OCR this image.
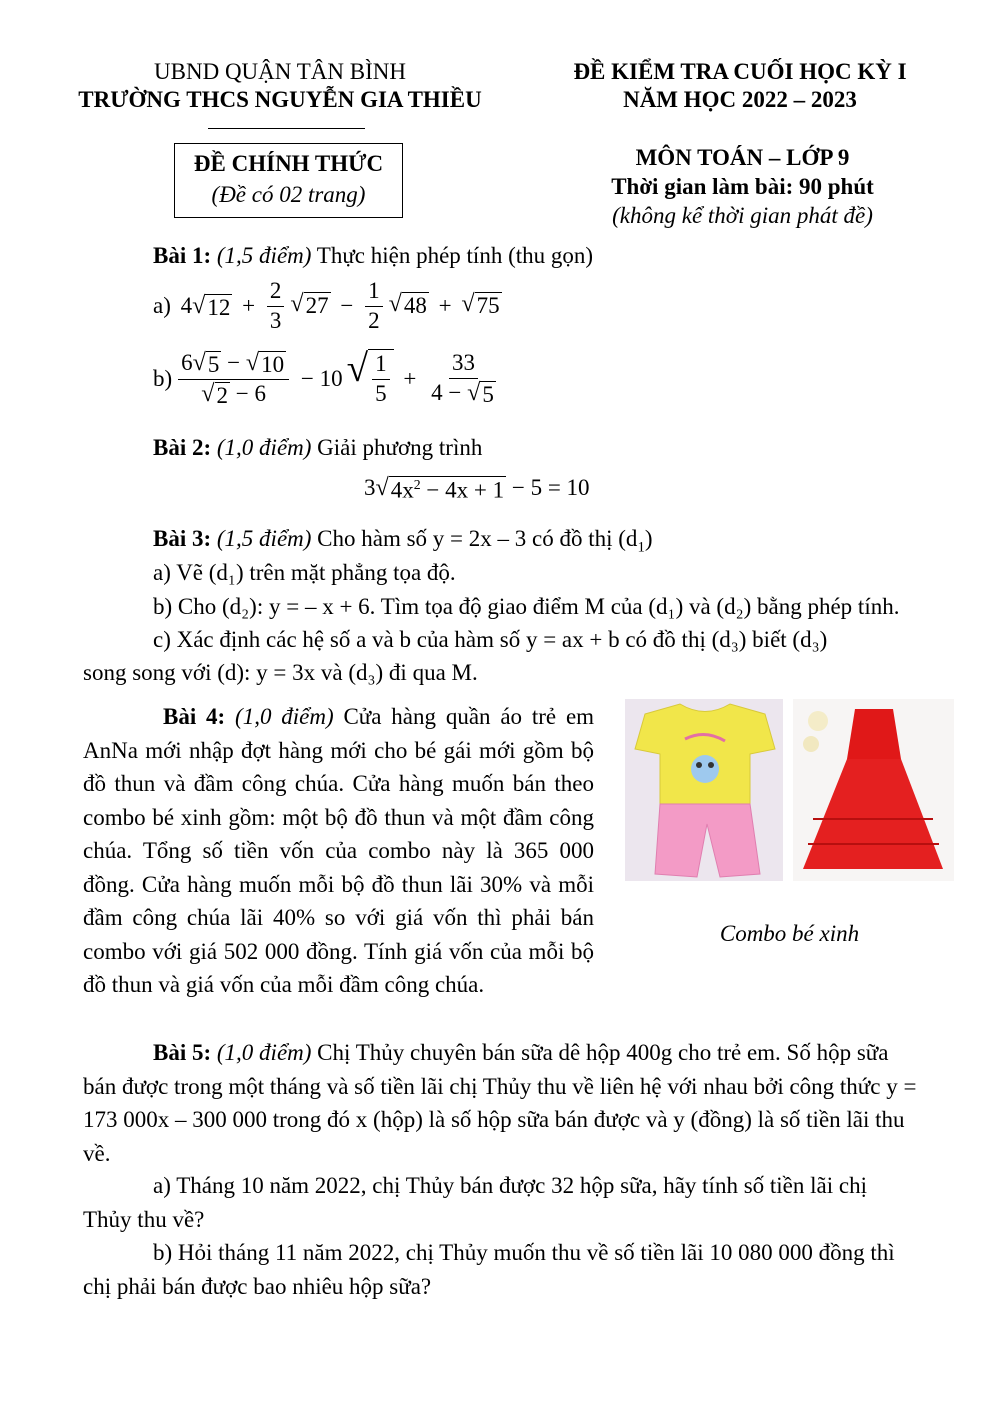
UBND QUẬN TÂN BÌNH
TRƯỜNG THCS NGUYỄN GIA THIỀU
ĐỀ KIỂM TRA CUỐI HỌC KỲ I
NĂM HỌC 2022 – 2023
ĐỀ CHÍNH THỨC
(Đề có 02 trang)
MÔN TOÁN – LỚP 9
Thời gian làm bài: 90 phút
(không kể thời gian phát đề)
Bài 1: (1,5 điểm) Thực hiện phép tính (thu gọn)
a) 4 √ $12 + \frac{2}{3}$ √ $27 - \frac{1}{2}$ √ 48 + √ 75
$b) \frac{6 √ 5 - √ 10}{√ 2 - 6} - 10$ √ $\frac{1}{5} + \frac{33}{4 - √ 5}$
Bài 2: (1,0 điểm) Giải phương trình
3 √ $4x^2 - 4x + 1 - 5 = 10$
Bài 3: (1,5 điểm) Cho hàm số y = 2x – 3 có đồ thị $(d_1)$
a) Vẽ (d₁) trên mặt phẳng tọa độ.
b) Cho (d₂): y = – x + 6. Tìm tọa độ giao điểm M của (d₁) và (d₂) bằng phép tính.
c) Xác định các hệ số a và b của hàm số y = ax + b có đồ thị (d₃) biết (d₃)
song song với (d): y = 3x và (d₃) đi qua M.
Bài 4: (1,0 điểm) Cửa hàng quần áo trẻ em AnNa mới nhập đợt hàng mới cho bé gái mới gồm bộ đồ thun và đầm công chúa. Cửa hàng muốn bán theo combo bé xinh gồm: một bộ đồ thun và một đầm công chúa. Tổng số tiền vốn của combo này là 365 000 đồng. Cửa hàng muốn mỗi bộ đồ thun lãi 30% và mỗi đầm công chúa lãi 40% so với giá vốn thì phải bán combo với giá 502 000 đồng. Tính giá vốn của mỗi bộ đồ thun và giá vốn của mỗi đầm công chúa.
Combo bé xinh
Bài 5: (1,0 điểm) Chị Thủy chuyên bán sữa dê hộp 400g cho trẻ em. Số hộp sữa bán được trong một tháng và số tiền lãi chị Thủy thu về liên hệ với nhau bởi công thức y = 173 000x – 300 000 trong đó x (hộp) là số hộp sữa bán được và y (đồng) là số tiền lãi thu về.
a) Tháng 10 năm 2022, chị Thủy bán được 32 hộp sữa, hãy tính số tiền lãi chị Thủy thu về?
b) Hỏi tháng 11 năm 2022, chị Thủy muốn thu về số tiền lãi 10 080 000 đồng thì chị phải bán được bao nhiêu hộp sữa?
